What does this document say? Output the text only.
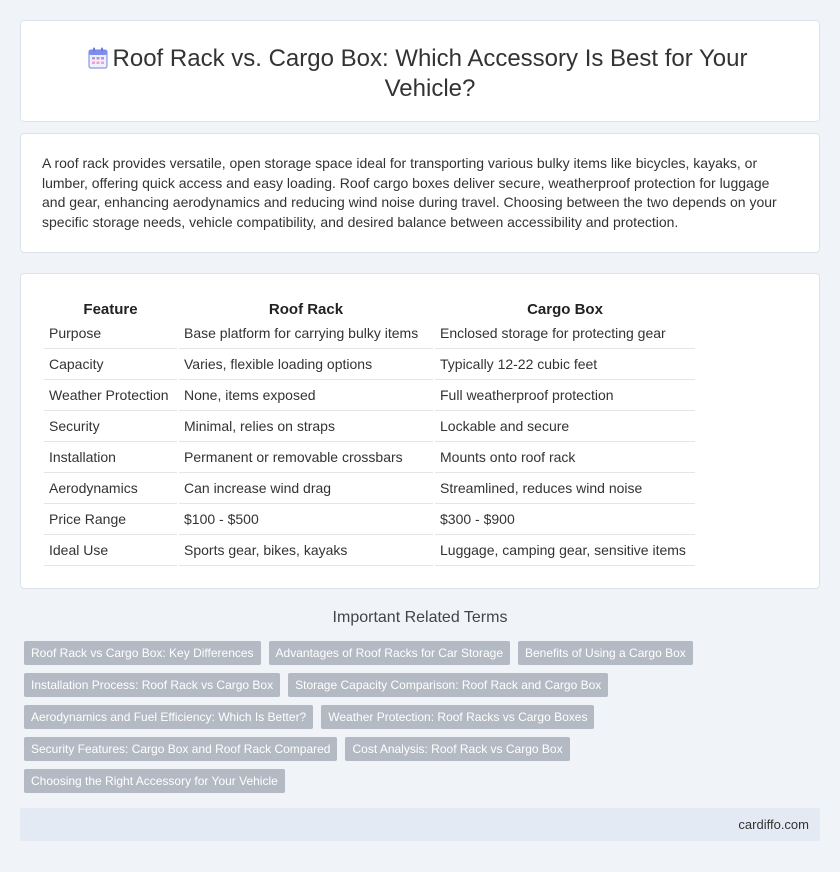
Roof Rack vs. Cargo Box: Which Accessory Is Best for Your Vehicle?

A roof rack provides versatile, open storage space ideal for transporting various bulky items like bicycles, kayaks, or lumber, offering quick access and easy loading. Roof cargo boxes deliver secure, weatherproof protection for luggage and gear, enhancing aerodynamics and reducing wind noise during travel. Choosing between the two depends on your specific storage needs, vehicle compatibility, and desired balance between accessibility and protection.

Feature	Roof Rack	Cargo Box
Purpose	Base platform for carrying bulky items	Enclosed storage for protecting gear
Capacity	Varies, flexible loading options	Typically 12-22 cubic feet
Weather Protection	None, items exposed	Full weatherproof protection
Security	Minimal, relies on straps	Lockable and secure
Installation	Permanent or removable crossbars	Mounts onto roof rack
Aerodynamics	Can increase wind drag	Streamlined, reduces wind noise
Price Range	$100 - $500	$300 - $900
Ideal Use	Sports gear, bikes, kayaks	Luggage, camping gear, sensitive items
Important Related Terms
Roof Rack vs Cargo Box: Key Differences	Advantages of Roof Racks for Car Storage	Benefits of Using a Cargo Box
Installation Process: Roof Rack vs Cargo Box	Storage Capacity Comparison: Roof Rack and Cargo Box
Aerodynamics and Fuel Efficiency: Which Is Better?	Weather Protection: Roof Racks vs Cargo Boxes
Security Features: Cargo Box and Roof Rack Compared	Cost Analysis: Roof Rack vs Cargo Box
Choosing the Right Accessory for Your Vehicle
cardiffo.com
